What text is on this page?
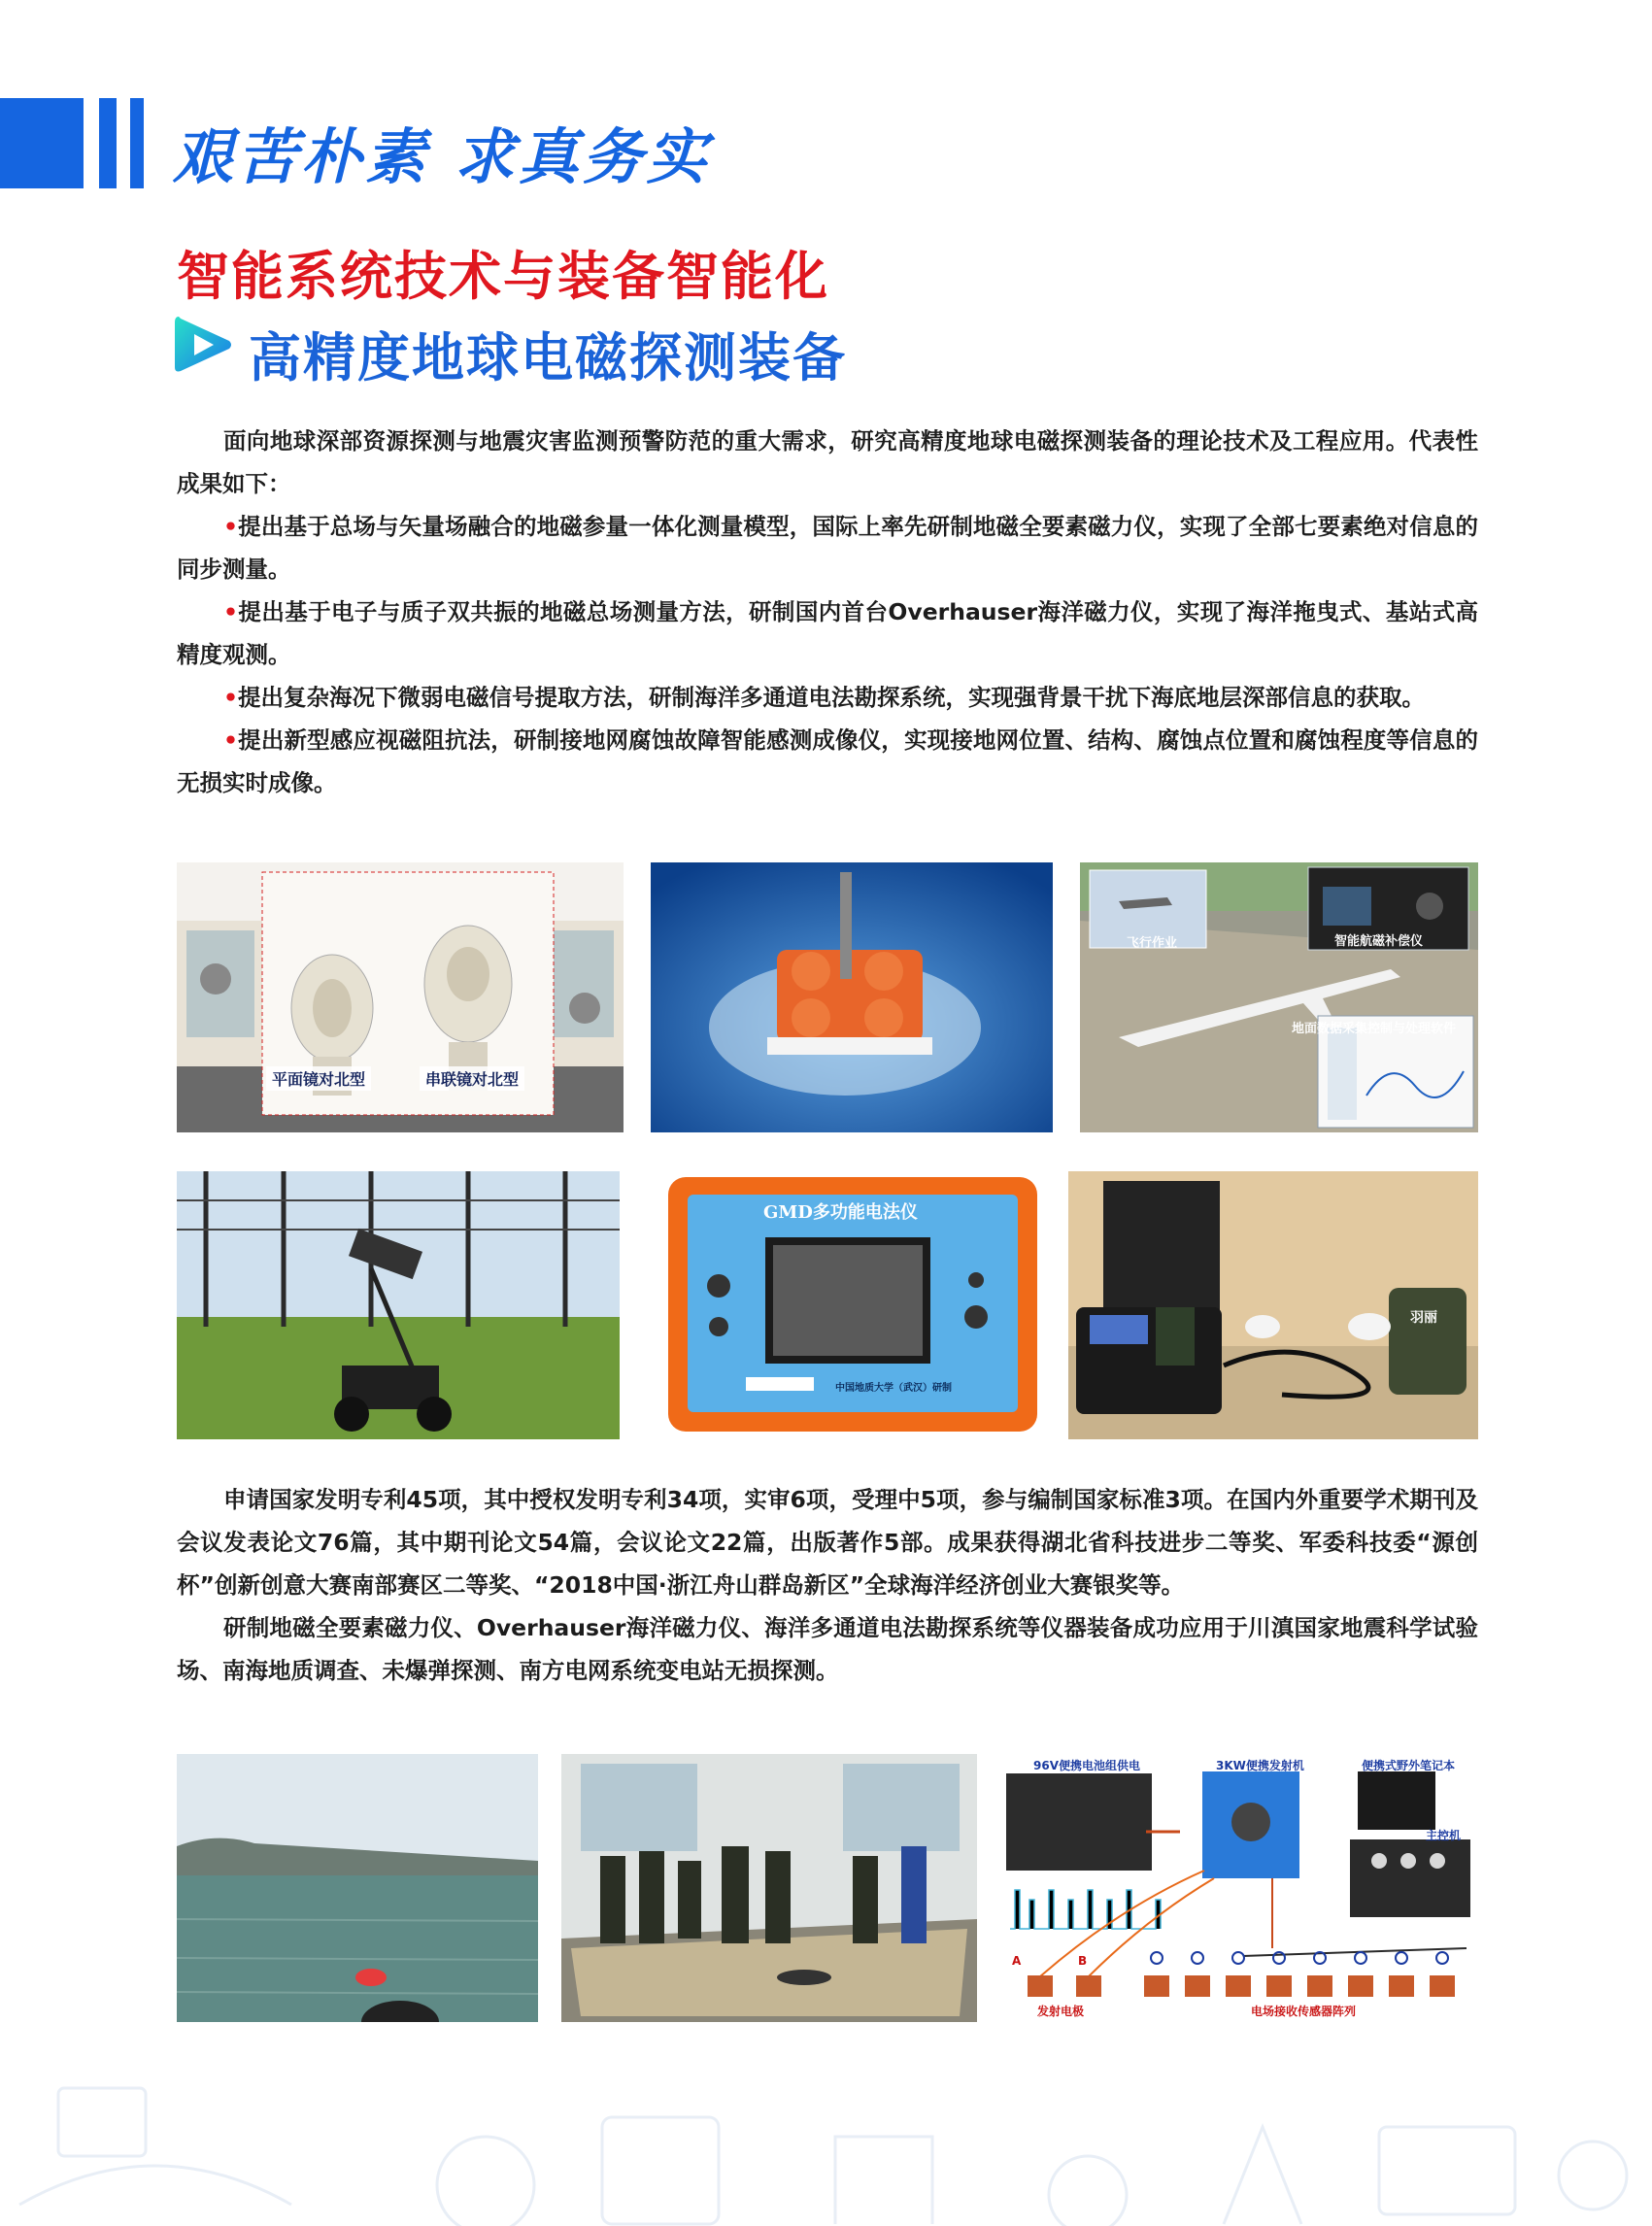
艰苦朴素 求真务实
智能系统技术与装备智能化
高精度地球电磁探测装备

面向地球深部资源探测与地震灾害监测预警防范的重大需求，研究高精度地球电磁探测装备的理论技术及工程应用。代表性成果如下：

•提出基于总场与矢量场融合的地磁参量一体化测量模型，国际上率先研制地磁全要素磁力仪，实现了全部七要素绝对信息的同步测量。

•提出基于电子与质子双共振的地磁总场测量方法，研制国内首台Overhauser海洋磁力仪，实现了海洋拖曳式、基站式高精度观测。

•提出复杂海况下微弱电磁信号提取方法，研制海洋多通道电法勘探系统，实现强背景干扰下海底地层深部信息的获取。

•提出新型感应视磁阻抗法，研制接地网腐蚀故障智能感测成像仪，实现接地网位置、结构、腐蚀点位置和腐蚀程度等信息的无损实时成像。

平面镜对北型	串联镜对北型
飞行作业	智能航磁补偿仪
地面数据采集控制与处理软件
GMD多功能电法仪
中国地质大学（武汉）研制
羽丽

申请国家发明专利45项，其中授权发明专利34项，实审6项，受理中5项，参与编制国家标准3项。在国内外重要学术期刊及会议发表论文76篇，其中期刊论文54篇，会议论文22篇，出版著作5部。成果获得湖北省科技进步二等奖、军委科技委“源创杯”创新创意大赛南部赛区二等奖、“2018中国·浙江舟山群岛新区”全球海洋经济创业大赛银奖等。

研制地磁全要素磁力仪、Overhauser海洋磁力仪、海洋多通道电法勘探系统等仪器装备成功应用于川滇国家地震科学试验场、南海地质调查、未爆弹探测、南方电网系统变电站无损探测。

96V便携电池组供电	3KW便携发射机	便携式野外笔记本
主控机
A	B
发射电极	电场接收传感器阵列
